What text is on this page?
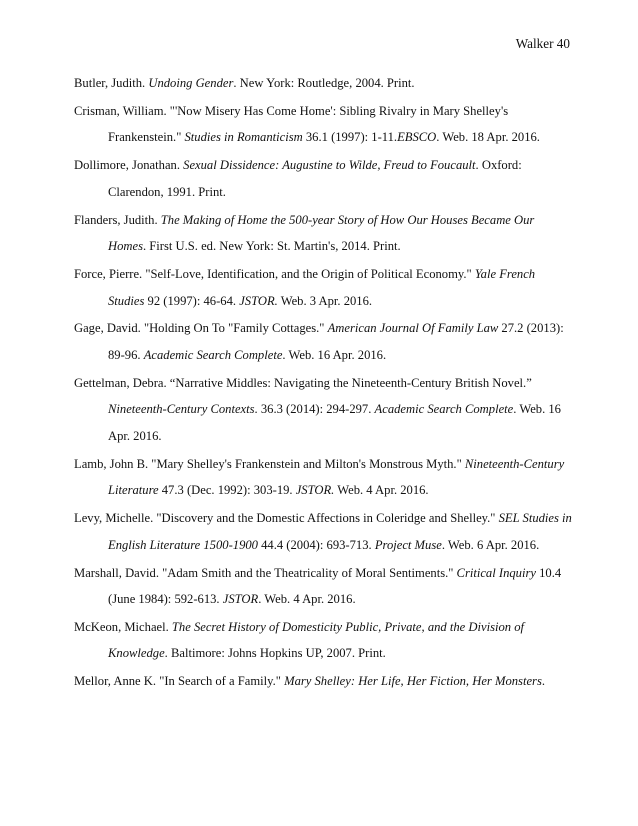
Walker 40

Butler, Judith. Undoing Gender. New York: Routledge, 2004. Print.

Crisman, William. "'Now Misery Has Come Home': Sibling Rivalry in Mary Shelley's Frankenstein." Studies in Romanticism 36.1 (1997): 1-11.EBSCO. Web. 18 Apr. 2016.

Dollimore, Jonathan. Sexual Dissidence: Augustine to Wilde, Freud to Foucault. Oxford: Clarendon, 1991. Print.

Flanders, Judith. The Making of Home the 500-year Story of How Our Houses Became Our Homes. First U.S. ed. New York: St. Martin's, 2014. Print.

Force, Pierre. "Self-Love, Identification, and the Origin of Political Economy." Yale French Studies 92 (1997): 46-64. JSTOR. Web. 3 Apr. 2016.

Gage, David. "Holding On To "Family Cottages." American Journal Of Family Law 27.2 (2013): 89-96. Academic Search Complete. Web. 16 Apr. 2016.

Gettelman, Debra. “Narrative Middles: Navigating the Nineteenth-Century British Novel.” Nineteenth-Century Contexts. 36.3 (2014): 294-297. Academic Search Complete. Web. 16 Apr. 2016.

Lamb, John B. "Mary Shelley's Frankenstein and Milton's Monstrous Myth." Nineteenth-Century Literature 47.3 (Dec. 1992): 303-19. JSTOR. Web. 4 Apr. 2016.

Levy, Michelle. "Discovery and the Domestic Affections in Coleridge and Shelley." SEL Studies in English Literature 1500-1900 44.4 (2004): 693-713. Project Muse. Web. 6 Apr. 2016.

Marshall, David. "Adam Smith and the Theatricality of Moral Sentiments." Critical Inquiry 10.4 (June 1984): 592-613. JSTOR. Web. 4 Apr. 2016.

McKeon, Michael. The Secret History of Domesticity Public, Private, and the Division of Knowledge. Baltimore: Johns Hopkins UP, 2007. Print.

Mellor, Anne K. "In Search of a Family." Mary Shelley: Her Life, Her Fiction, Her Monsters.
